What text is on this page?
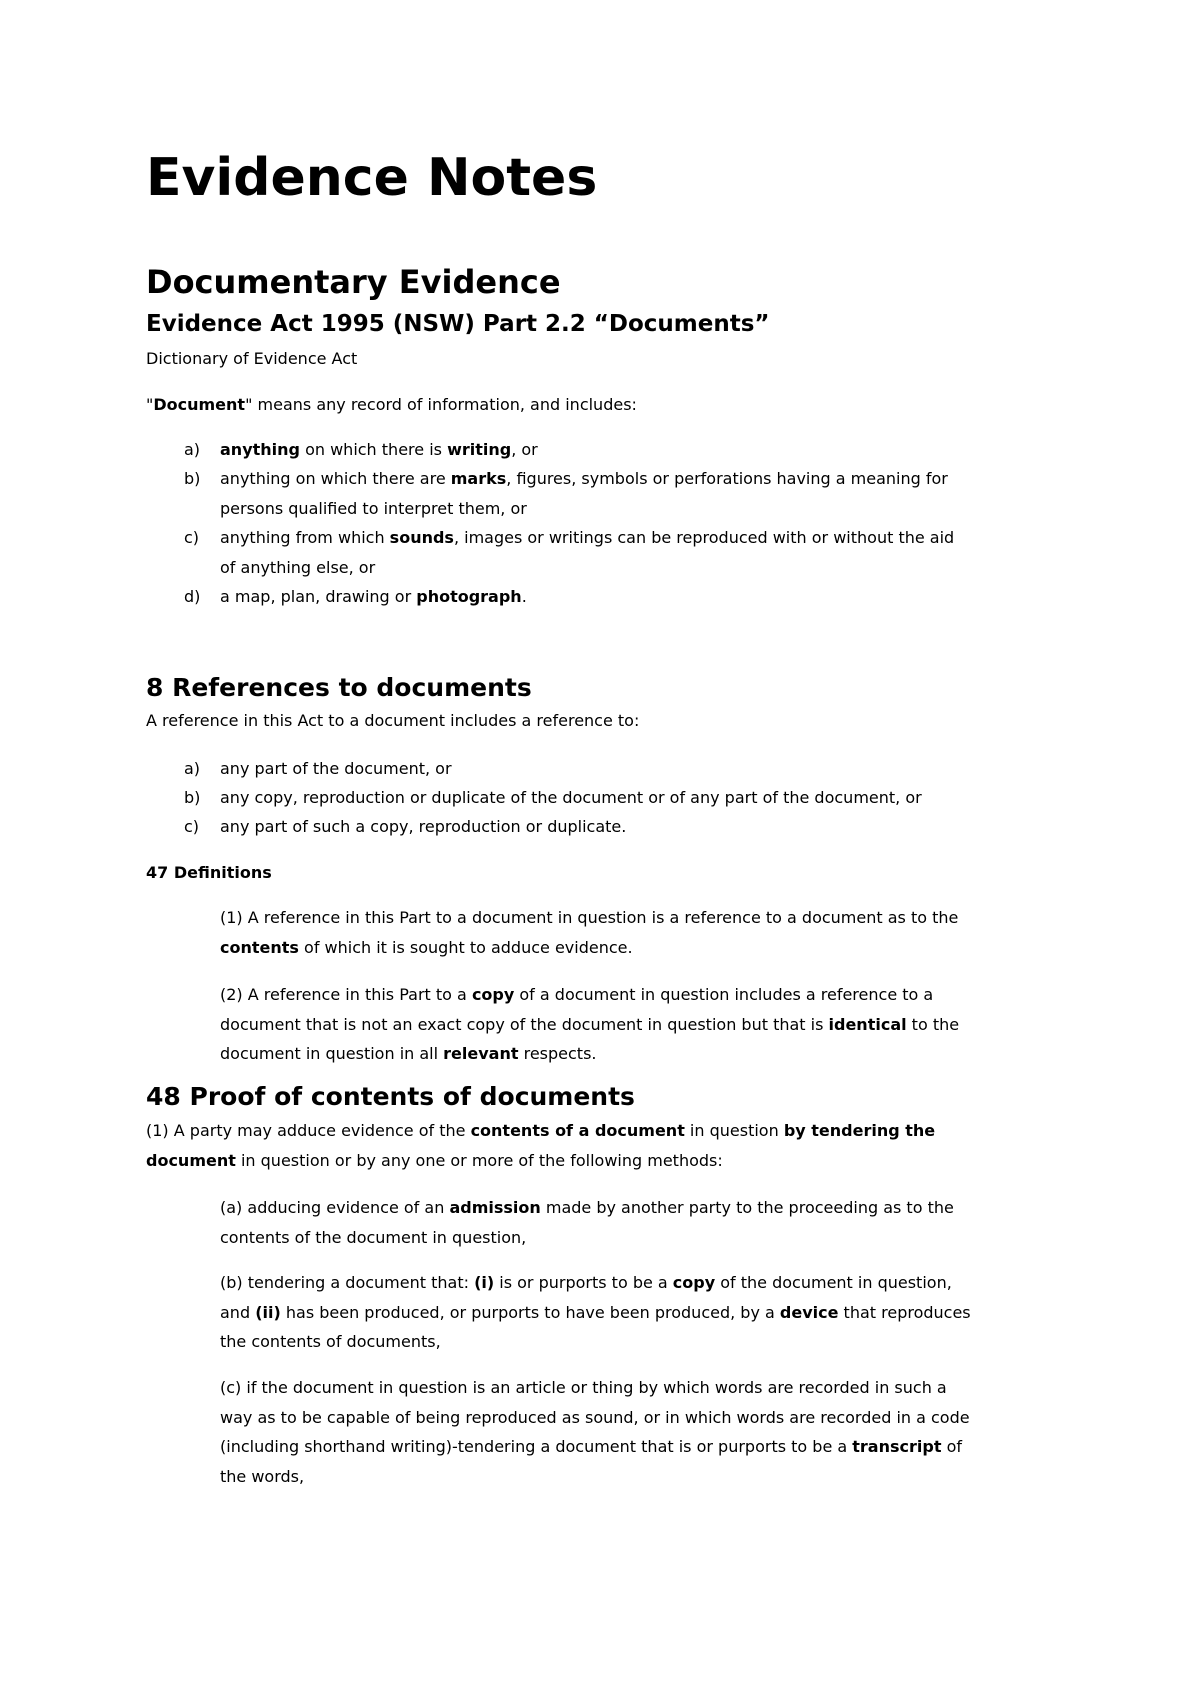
Evidence Notes
Documentary Evidence
Evidence Act 1995 (NSW) Part 2.2 “Documents”

Dictionary of Evidence Act

"Document" means any record of information, and includes:

a) anything on which there is writing, or
b) anything on which there are marks, figures, symbols or perforations having a meaning for
persons qualified to interpret them, or
c) anything from which sounds, images or writings can be reproduced with or without the aid
of anything else, or
d) a map, plan, drawing or photograph.
8 References to documents

A reference in this Act to a document includes a reference to:

a) any part of the document, or
b) any copy, reproduction or duplicate of the document or of any part of the document, or
c) any part of such a copy, reproduction or duplicate.

47 Definitions

(1) A reference in this Part to a document in question is a reference to a document as to the
contents of which it is sought to adduce evidence.

(2) A reference in this Part to a copy of a document in question includes a reference to a
document that is not an exact copy of the document in question but that is identical to the
document in question in all relevant respects.

48 Proof of contents of documents

(1) A party may adduce evidence of the contents of a document in question by tendering the
document in question or by any one or more of the following methods:

(a) adducing evidence of an admission made by another party to the proceeding as to the
contents of the document in question,

(b) tendering a document that: (i) is or purports to be a copy of the document in question,
and (ii) has been produced, or purports to have been produced, by a device that reproduces
the contents of documents,

(c) if the document in question is an article or thing by which words are recorded in such a
way as to be capable of being reproduced as sound, or in which words are recorded in a code
(including shorthand writing)-tendering a document that is or purports to be a transcript of
the words,
